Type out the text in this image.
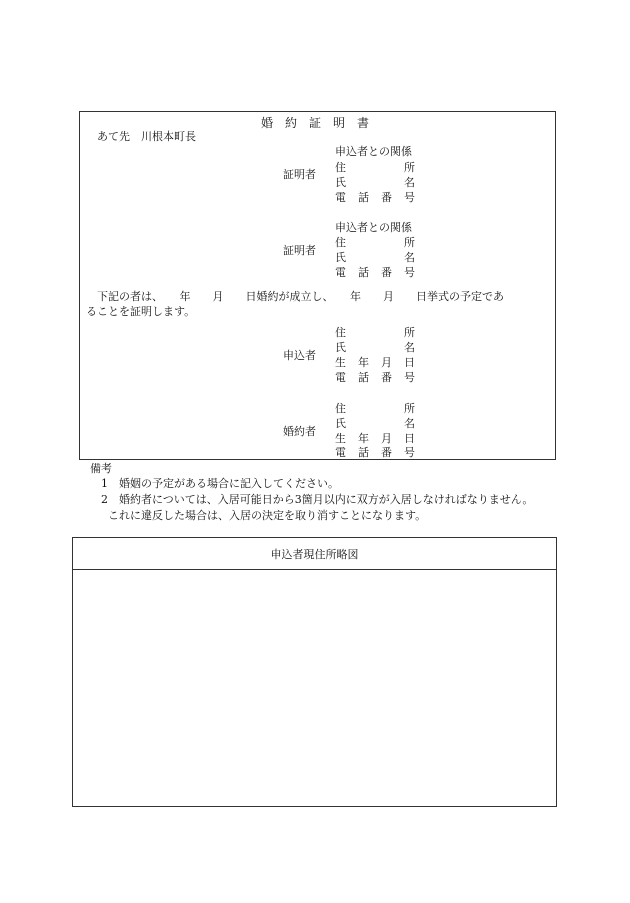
婚　約　証　明　書
あて先　川根本町長
証明者
申込者との関係
住	所
氏	名
電 話 番 号
証明者
申込者との関係
住	所
氏	名
電 話 番 号
下記の者は、　　年　　月　　日婚約が成立し、　　年　　月　　日挙式の予定であ
ることを証明します。
申込者
住	所
氏	名
生 年 月 日
電 話 番 号
婚約者
住	所
氏	名
生 年 月 日
電 話 番 号
備考
1　婚姻の予定がある場合に記入してください。
2　婚約者については、入居可能日から3箇月以内に双方が入居しなければなりません。
これに違反した場合は、入居の決定を取り消すことになります。
申込者現住所略図
